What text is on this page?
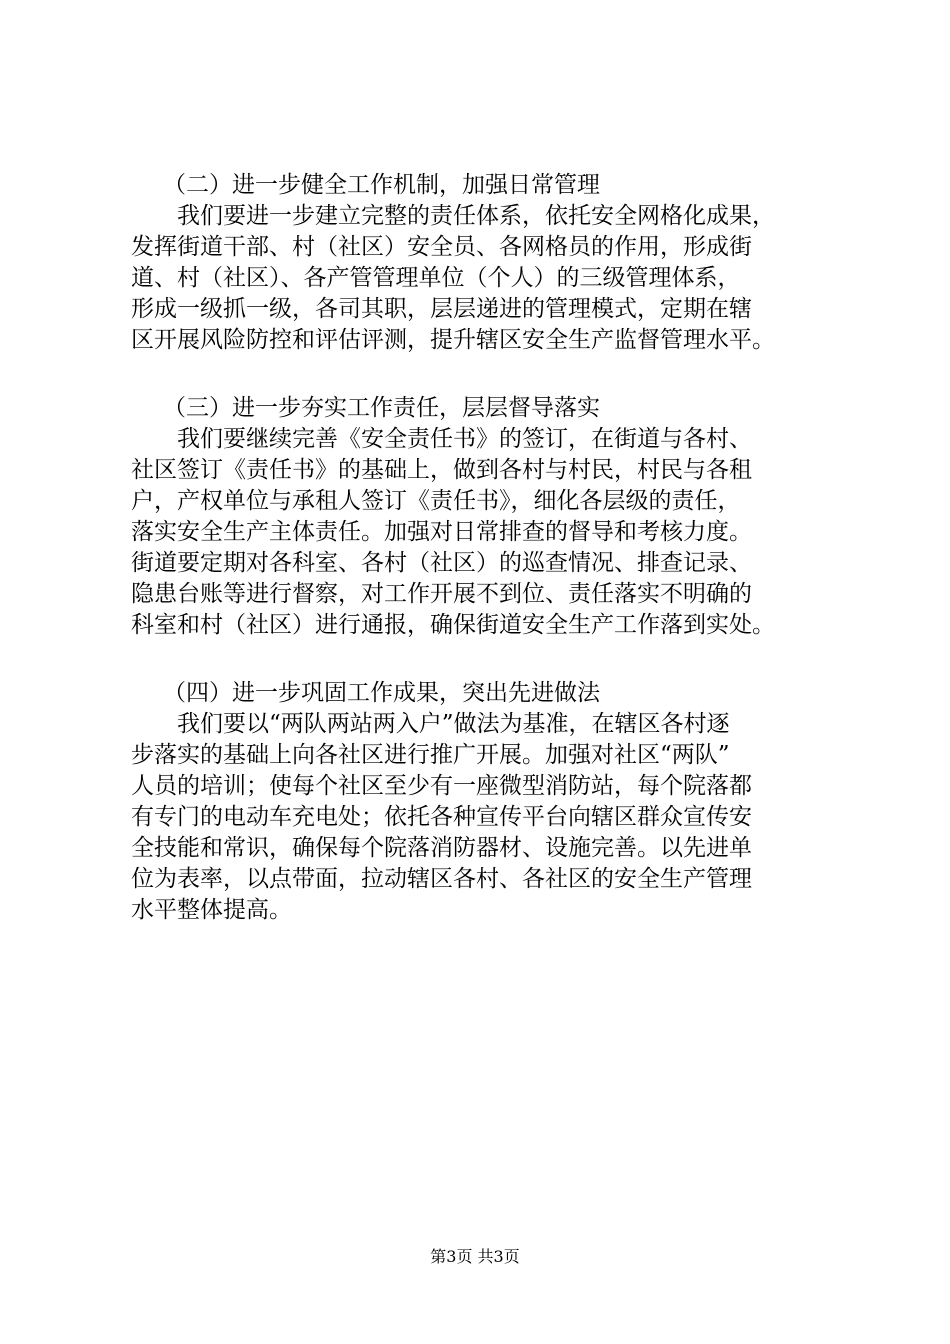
（二）进一步健全工作机制，加强日常管理
我们要进一步建立完整的责任体系，依托安全网格化成果，
发挥街道干部、村（社区）安全员、各网格员的作用，形成街
道、村（社区）、各产管管理单位（个人）的三级管理体系，
形成一级抓一级，各司其职，层层递进的管理模式，定期在辖
区开展风险防控和评估评测，提升辖区安全生产监督管理水平。
（三）进一步夯实工作责任，层层督导落实
我们要继续完善《安全责任书》的签订，在街道与各村、
社区签订《责任书》的基础上，做到各村与村民，村民与各租
户，产权单位与承租人签订《责任书》，细化各层级的责任，
落实安全生产主体责任。加强对日常排查的督导和考核力度。
街道要定期对各科室、各村（社区）的巡查情况、排查记录、
隐患台账等进行督察，对工作开展不到位、责任落实不明确的
科室和村（社区）进行通报，确保街道安全生产工作落到实处。
（四）进一步巩固工作成果，突出先进做法
我们要以“两队两站两入户”做法为基准，在辖区各村逐
步落实的基础上向各社区进行推广开展。加强对社区“两队”
人员的培训；使每个社区至少有一座微型消防站，每个院落都
有专门的电动车充电处；依托各种宣传平台向辖区群众宣传安
全技能和常识，确保每个院落消防器材、设施完善。以先进单
位为表率，以点带面，拉动辖区各村、各社区的安全生产管理
水平整体提高。
第3页 共3页
